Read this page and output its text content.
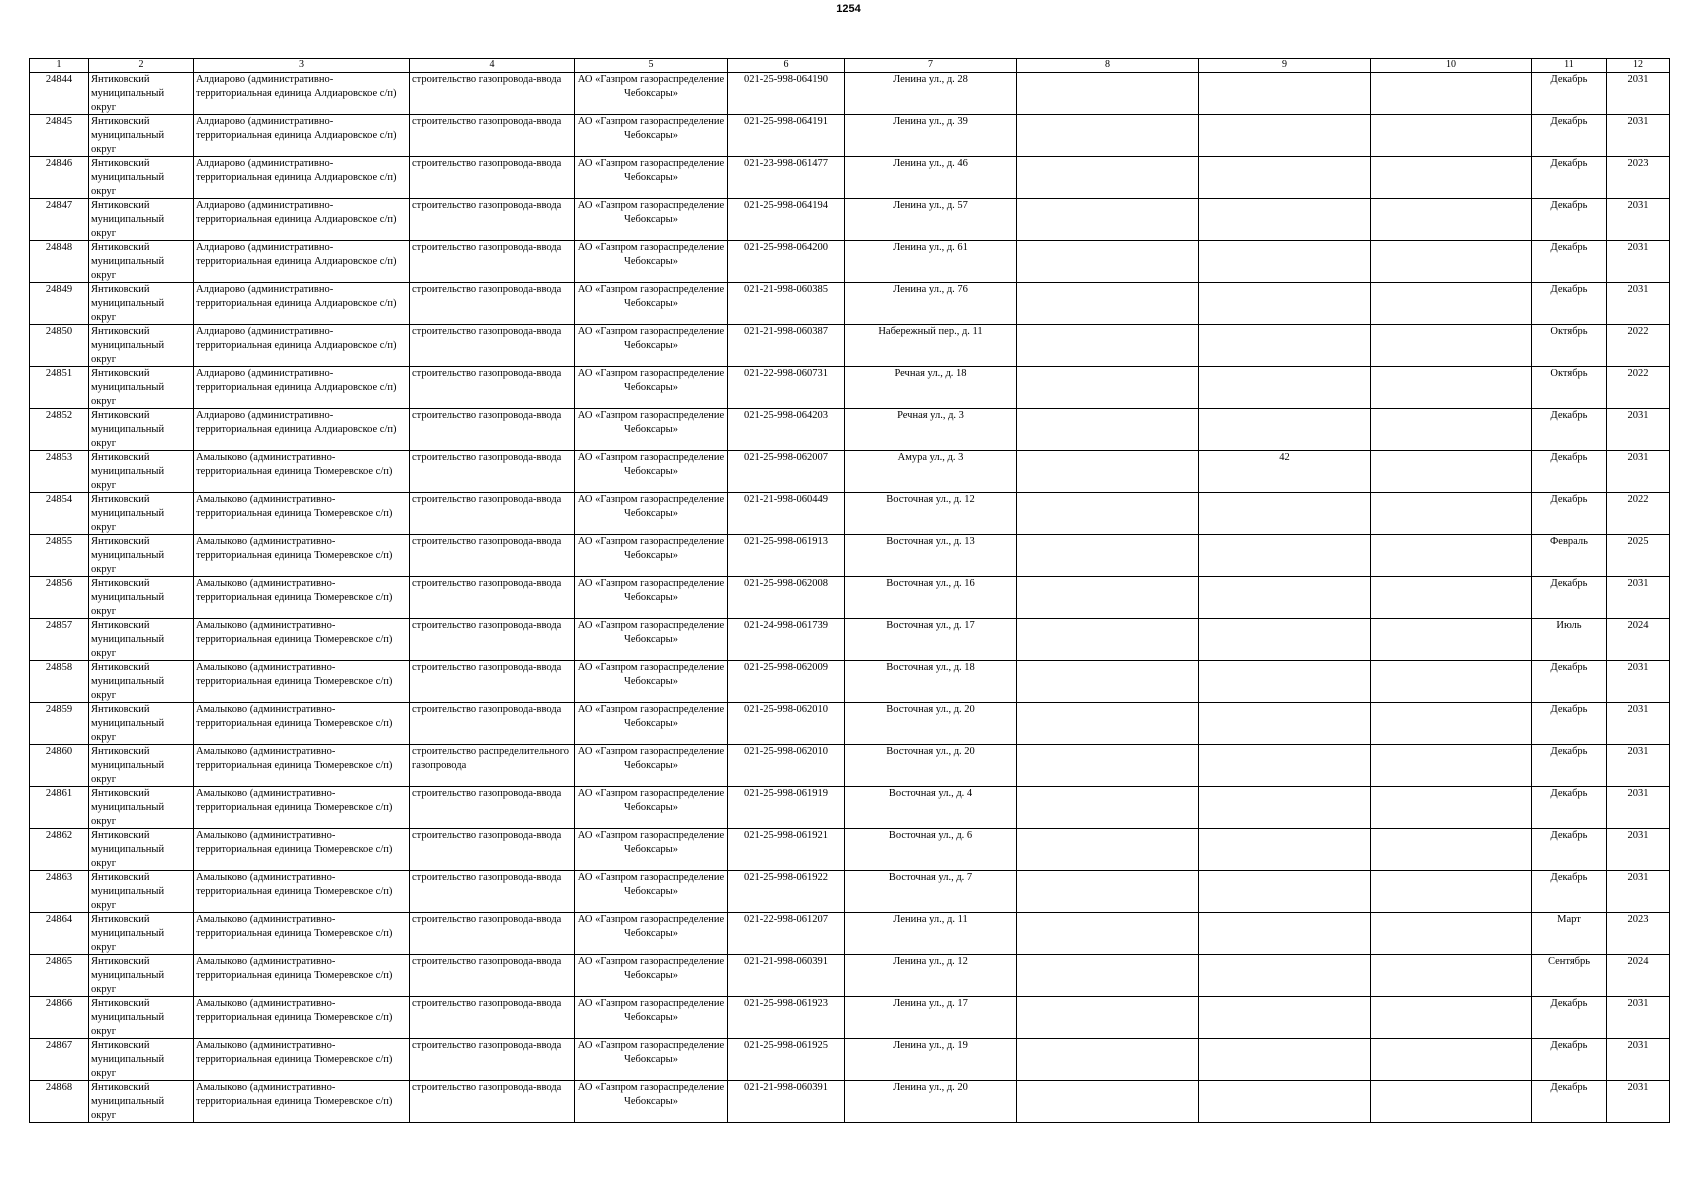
1254
1	2	3	4	5	6	7	8	9	10	11	12

24844	Янтиковский муниципальный округ	Алдиарово (административно-территориальная единица Алдиаровское с/п)	строительство газопровода-ввода	АО «Газпром газораспределение Чебоксары»	021-25-998-064190	Ленина ул., д. 28				Декабрь	2031

24845	Янтиковский муниципальный округ	Алдиарово (административно-территориальная единица Алдиаровское с/п)	строительство газопровода-ввода	АО «Газпром газораспределение Чебоксары»	021-25-998-064191	Ленина ул., д. 39				Декабрь	2031

24846	Янтиковский муниципальный округ	Алдиарово (административно-территориальная единица Алдиаровское с/п)	строительство газопровода-ввода	АО «Газпром газораспределение Чебоксары»	021-23-998-061477	Ленина ул., д. 46				Декабрь	2023

24847	Янтиковский муниципальный округ	Алдиарово (административно-территориальная единица Алдиаровское с/п)	строительство газопровода-ввода	АО «Газпром газораспределение Чебоксары»	021-25-998-064194	Ленина ул., д. 57				Декабрь	2031

24848	Янтиковский муниципальный округ	Алдиарово (административно-территориальная единица Алдиаровское с/п)	строительство газопровода-ввода	АО «Газпром газораспределение Чебоксары»	021-25-998-064200	Ленина ул., д. 61				Декабрь	2031

24849	Янтиковский муниципальный округ	Алдиарово (административно-территориальная единица Алдиаровское с/п)	строительство газопровода-ввода	АО «Газпром газораспределение Чебоксары»	021-21-998-060385	Ленина ул., д. 76				Декабрь	2031

24850	Янтиковский муниципальный округ	Алдиарово (административно-территориальная единица Алдиаровское с/п)	строительство газопровода-ввода	АО «Газпром газораспределение Чебоксары»	021-21-998-060387	Набережный пер., д. 11				Октябрь	2022

24851	Янтиковский муниципальный округ	Алдиарово (административно-территориальная единица Алдиаровское с/п)	строительство газопровода-ввода	АО «Газпром газораспределение Чебоксары»	021-22-998-060731	Речная ул., д. 18				Октябрь	2022

24852	Янтиковский муниципальный округ	Алдиарово (административно-территориальная единица Алдиаровское с/п)	строительство газопровода-ввода	АО «Газпром газораспределение Чебоксары»	021-25-998-064203	Речная ул., д. 3				Декабрь	2031

24853	Янтиковский муниципальный округ	Амалыково (административно-территориальная единица Тюмеревское с/п)	строительство газопровода-ввода	АО «Газпром газораспределение Чебоксары»	021-25-998-062007	Амура ул., д. 3		42		Декабрь	2031

24854	Янтиковский муниципальный округ	Амалыково (административно-территориальная единица Тюмеревское с/п)	строительство газопровода-ввода	АО «Газпром газораспределение Чебоксары»	021-21-998-060449	Восточная ул., д. 12				Декабрь	2022

24855	Янтиковский муниципальный округ	Амалыково (административно-территориальная единица Тюмеревское с/п)	строительство газопровода-ввода	АО «Газпром газораспределение Чебоксары»	021-25-998-061913	Восточная ул., д. 13				Февраль	2025

24856	Янтиковский муниципальный округ	Амалыково (административно-территориальная единица Тюмеревское с/п)	строительство газопровода-ввода	АО «Газпром газораспределение Чебоксары»	021-25-998-062008	Восточная ул., д. 16				Декабрь	2031

24857	Янтиковский муниципальный округ	Амалыково (административно-территориальная единица Тюмеревское с/п)	строительство газопровода-ввода	АО «Газпром газораспределение Чебоксары»	021-24-998-061739	Восточная ул., д. 17				Июль	2024

24858	Янтиковский муниципальный округ	Амалыково (административно-территориальная единица Тюмеревское с/п)	строительство газопровода-ввода	АО «Газпром газораспределение Чебоксары»	021-25-998-062009	Восточная ул., д. 18				Декабрь	2031

24859	Янтиковский муниципальный округ	Амалыково (административно-территориальная единица Тюмеревское с/п)	строительство газопровода-ввода	АО «Газпром газораспределение Чебоксары»	021-25-998-062010	Восточная ул., д. 20				Декабрь	2031

24860	Янтиковский муниципальный округ	Амалыково (административно-территориальная единица Тюмеревское с/п)	строительство распределительного газопровода	АО «Газпром газораспределение Чебоксары»	021-25-998-062010	Восточная ул., д. 20				Декабрь	2031

24861	Янтиковский муниципальный округ	Амалыково (административно-территориальная единица Тюмеревское с/п)	строительство газопровода-ввода	АО «Газпром газораспределение Чебоксары»	021-25-998-061919	Восточная ул., д. 4				Декабрь	2031

24862	Янтиковский муниципальный округ	Амалыково (административно-территориальная единица Тюмеревское с/п)	строительство газопровода-ввода	АО «Газпром газораспределение Чебоксары»	021-25-998-061921	Восточная ул., д. 6				Декабрь	2031

24863	Янтиковский муниципальный округ	Амалыково (административно-территориальная единица Тюмеревское с/п)	строительство газопровода-ввода	АО «Газпром газораспределение Чебоксары»	021-25-998-061922	Восточная ул., д. 7				Декабрь	2031

24864	Янтиковский муниципальный округ	Амалыково (административно-территориальная единица Тюмеревское с/п)	строительство газопровода-ввода	АО «Газпром газораспределение Чебоксары»	021-22-998-061207	Ленина ул., д. 11				Март	2023

24865	Янтиковский муниципальный округ	Амалыково (административно-территориальная единица Тюмеревское с/п)	строительство газопровода-ввода	АО «Газпром газораспределение Чебоксары»	021-21-998-060391	Ленина ул., д. 12				Сентябрь	2024

24866	Янтиковский муниципальный округ	Амалыково (административно-территориальная единица Тюмеревское с/п)	строительство газопровода-ввода	АО «Газпром газораспределение Чебоксары»	021-25-998-061923	Ленина ул., д. 17				Декабрь	2031

24867	Янтиковский муниципальный округ	Амалыково (административно-территориальная единица Тюмеревское с/п)	строительство газопровода-ввода	АО «Газпром газораспределение Чебоксары»	021-25-998-061925	Ленина ул., д. 19				Декабрь	2031

24868	Янтиковский муниципальный округ	Амалыково (административно-территориальная единица Тюмеревское с/п)	строительство газопровода-ввода	АО «Газпром газораспределение Чебоксары»	021-21-998-060391	Ленина ул., д. 20				Декабрь	2031
